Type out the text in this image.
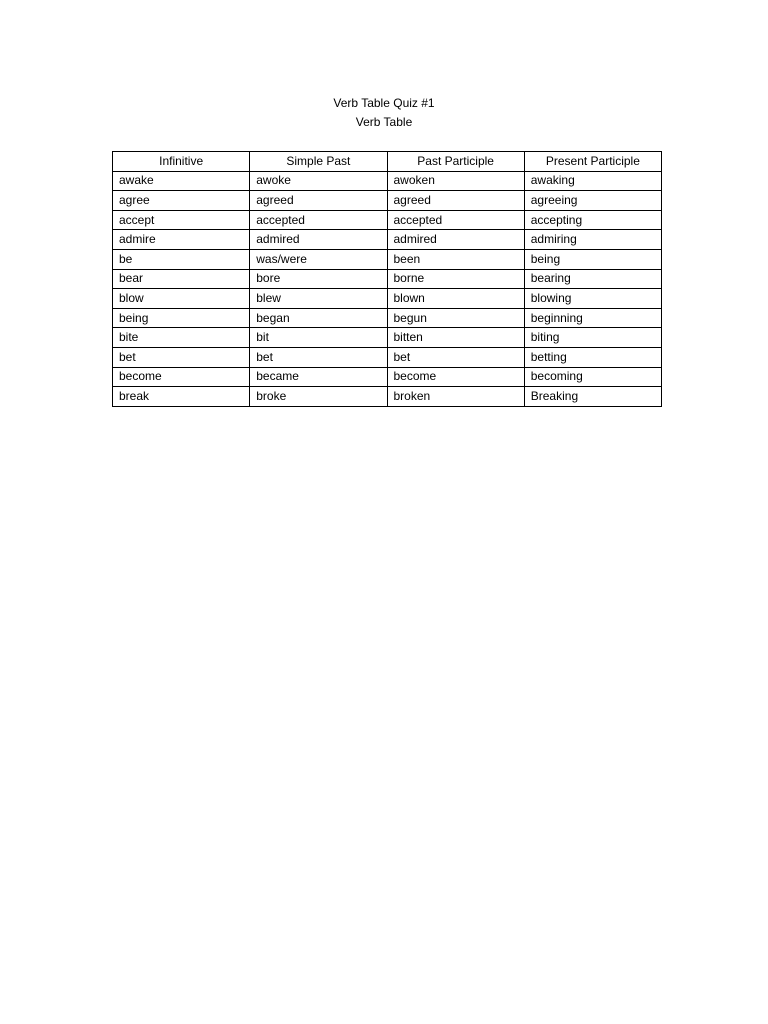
Verb Table Quiz #1
Verb Table
Infinitive	Simple Past	Past Participle	Present Participle
awake	awoke	awoken	awaking
agree	agreed	agreed	agreeing
accept	accepted	accepted	accepting
admire	admired	admired	admiring
be	was/were	been	being
bear	bore	borne	bearing
blow	blew	blown	blowing
being	began	begun	beginning
bite	bit	bitten	biting
bet	bet	bet	betting
become	became	become	becoming
break	broke	broken	Breaking
